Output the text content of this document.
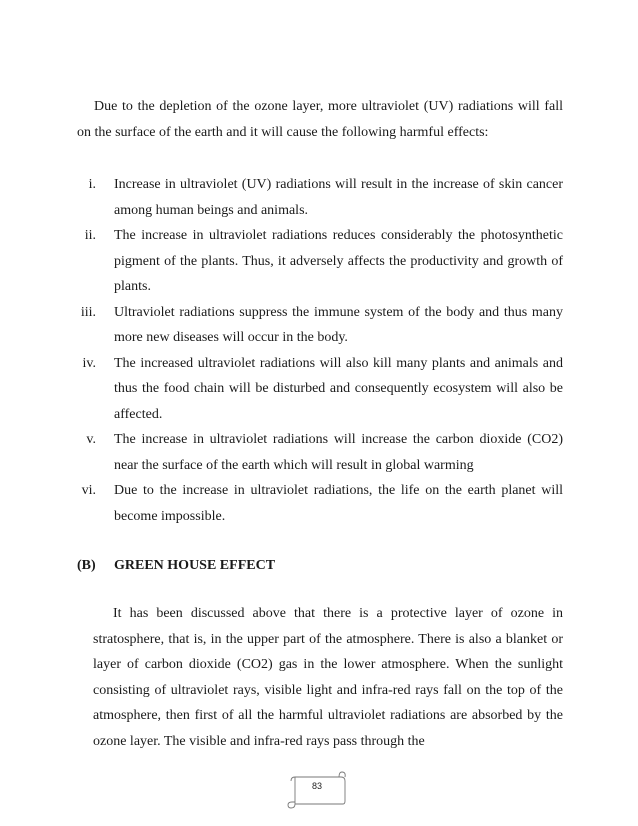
Due to the depletion of the ozone layer, more ultraviolet (UV) radiations will fall on the surface of the earth and it will cause the following harmful effects:

i. Increase in ultraviolet (UV) radiations will result in the increase of skin cancer among human beings and animals.
ii. The increase in ultraviolet radiations reduces considerably the photosynthetic pigment of the plants. Thus, it adversely affects the productivity and growth of plants.
iii. Ultraviolet radiations suppress the immune system of the body and thus many more new diseases will occur in the body.
iv. The increased ultraviolet radiations will also kill many plants and animals and thus the food chain will be disturbed and consequently ecosystem will also be affected.
v. The increase in ultraviolet radiations will increase the carbon dioxide (CO2) near the surface of the earth which will result in global warming
vi. Due to the increase in ultraviolet radiations, the life on the earth planet will become impossible.
(B) GREEN HOUSE EFFECT

It has been discussed above that there is a protective layer of ozone in stratosphere, that is, in the upper part of the atmosphere. There is also a blanket or layer of carbon dioxide (CO2) gas in the lower atmosphere. When the sunlight consisting of ultraviolet rays, visible light and infra-red rays fall on the top of the atmosphere, then first of all the harmful ultraviolet radiations are absorbed by the ozone layer. The visible and infra-red rays pass through the

83
